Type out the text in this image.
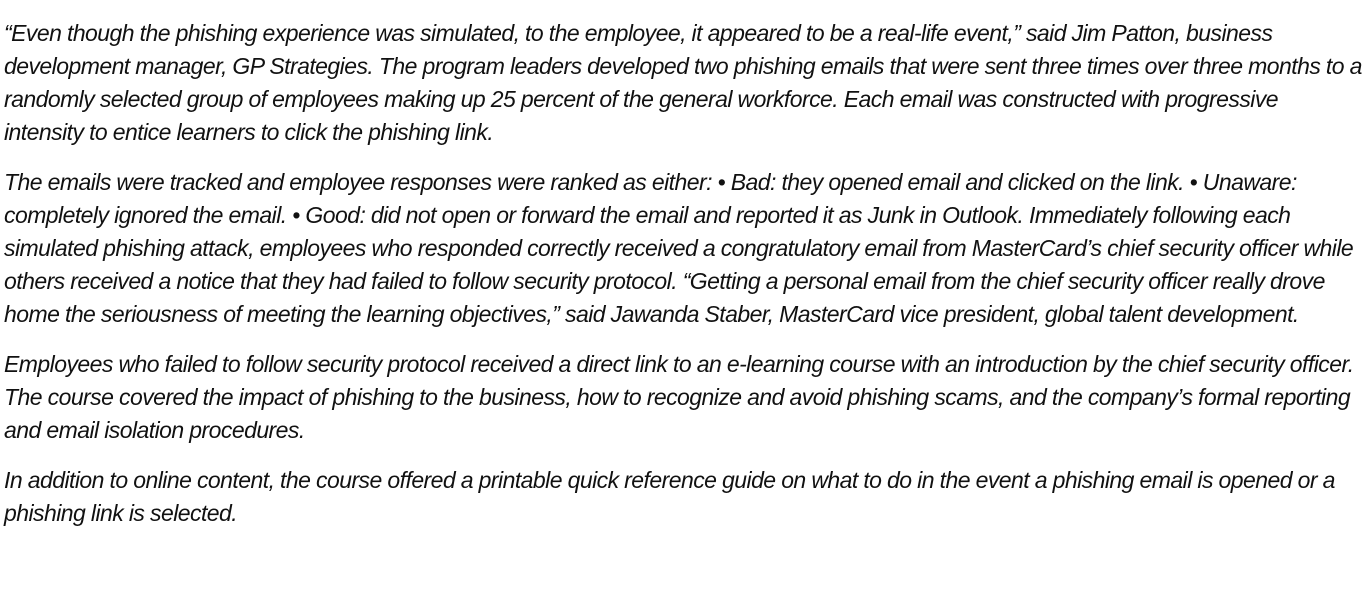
“Even though the phishing experience was simulated, to the employee, it appeared to be a real-life event,” said Jim Patton, business development manager, GP Strategies. The program leaders developed two phishing emails that were sent three times over three months to a randomly selected group of employees making up 25 percent of the general workforce. Each email was constructed with progressive intensity to entice learners to click the phishing link.

The emails were tracked and employee responses were ranked as either: • Bad: they opened email and clicked on the link. • Unaware: completely ignored the email. • Good: did not open or forward the email and reported it as Junk in Outlook. Immediately following each simulated phishing attack, employees who responded correctly received a congratulatory email from MasterCard’s chief security officer while others received a notice that they had failed to follow security protocol. “Getting a personal email from the chief security officer really drove home the seriousness of meeting the learning objectives,” said Jawanda Staber, MasterCard vice president, global talent development.

Employees who failed to follow security protocol received a direct link to an e-learning course with an introduction by the chief security officer. The course covered the impact of phishing to the business, how to recognize and avoid phishing scams, and the company’s formal reporting and email isolation procedures.

In addition to online content, the course offered a printable quick reference guide on what to do in the event a phishing email is opened or a phishing link is selected.
